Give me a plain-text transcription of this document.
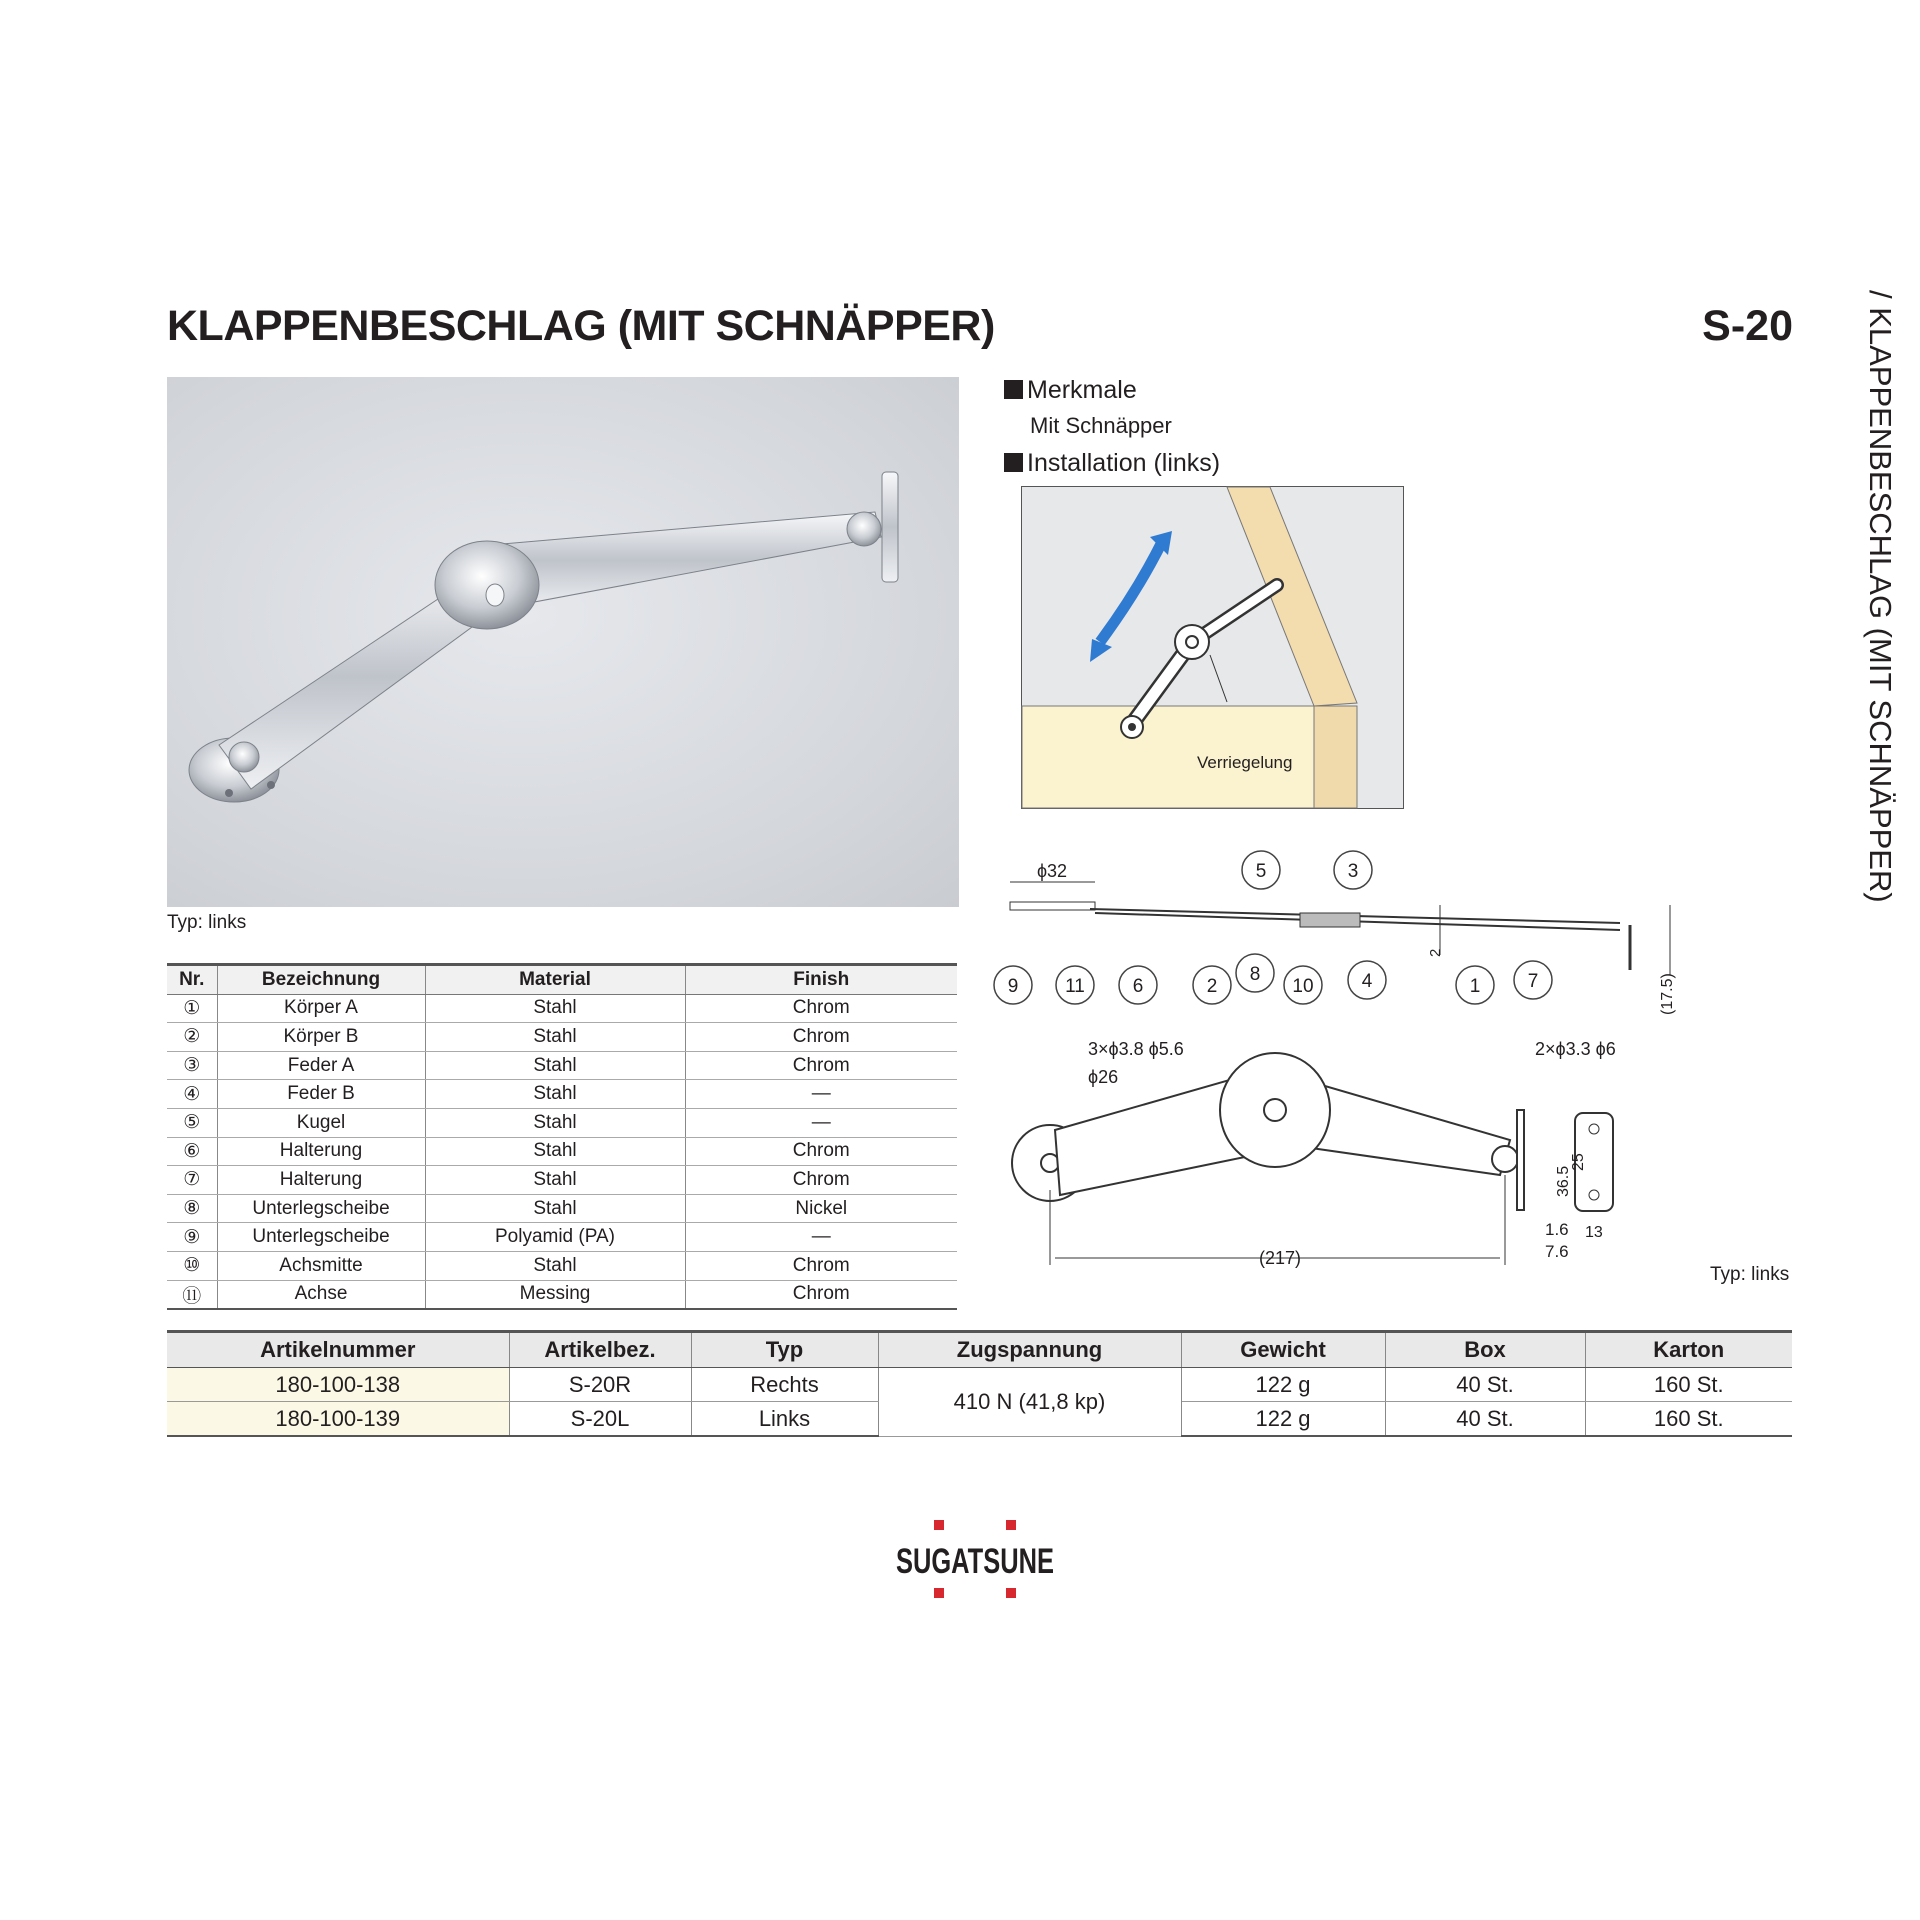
KLAPPENBESCHLAG (MIT SCHNÄPPER)	S-20 / KLAPPENBESCHLAG (MIT SCHNÄPPER)
Typ: links
Merkmale
Mit Schnäpper
Installation (links)
Verriegelung
ϕ32
2
(17.5)
5	3
9 11	6	2
8
10	4	1 7
(217)
3×ϕ3.8 ϕ5.6
ϕ26
2×ϕ3.3 ϕ6
36.5
25
13
1.6
7.6
Typ: links
Nr.	Bezeichnung	Material	Finish
①	Körper A	Stahl	Chrom
②	Körper B	Stahl	Chrom
③	Feder A	Stahl	Chrom
④	Feder B	Stahl	—
⑤	Kugel	Stahl	—
⑥	Halterung	Stahl	Chrom
⑦	Halterung	Stahl	Chrom
⑧	Unterlegscheibe	Stahl	Nickel
⑨	Unterlegscheibe	Polyamid (PA)	—
⑩	Achsmitte	Stahl	Chrom
⑪	Achse	Messing	Chrom
Artikelnummer	Artikelbez.	Typ	Zugspannung	Gewicht	Box	Karton
180-100-138	S-20R	Rechts	410 N (41,8 kp)	122 g	40 St.	160 St.
180-100-139	S-20L	Links		122 g	40 St.	160 St.
SUGATSUNE
